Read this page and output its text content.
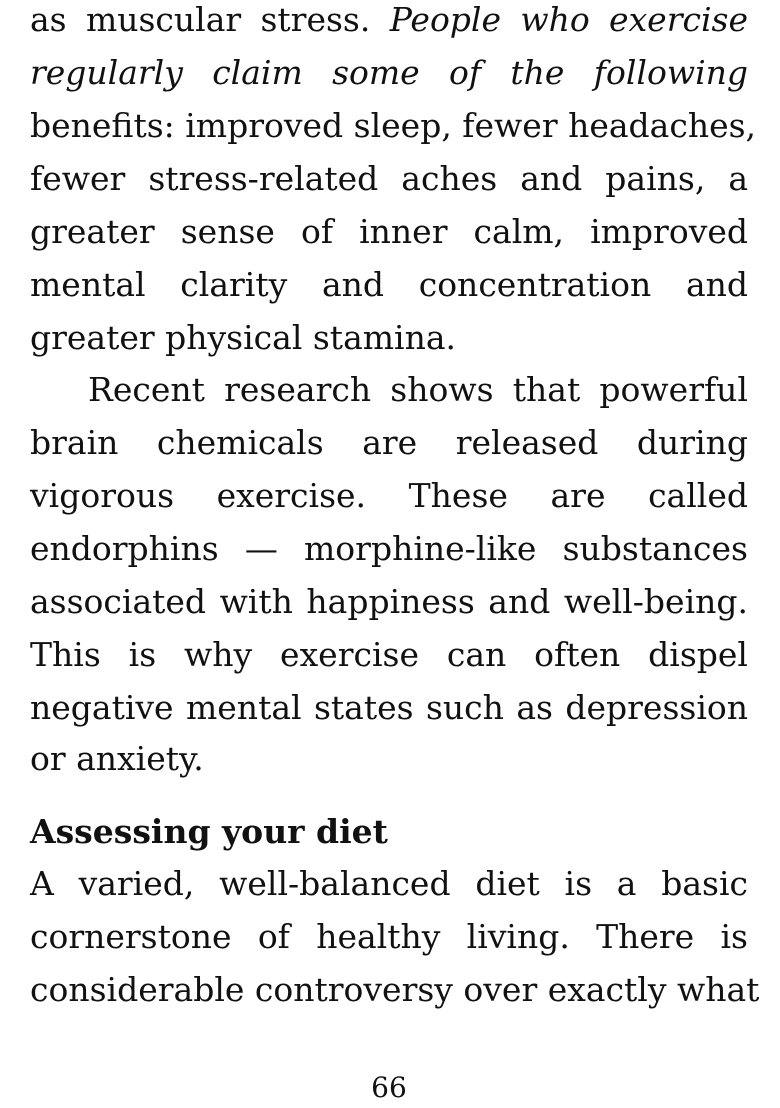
as muscular stress. People who exercise
regularly claim some of the following
benefits: improved sleep, fewer headaches,
fewer stress-related aches and pains, a
greater sense of inner calm, improved
mental clarity and concentration and
greater physical stamina.
Recent research shows that powerful
brain chemicals are released during
vigorous exercise. These are called
endorphins — morphine-like substances
associated with happiness and well-being.
This is why exercise can often dispel
negative mental states such as depression
or anxiety.
A varied, well-balanced diet is a basic
cornerstone of healthy living. There is
considerable controversy over exactly what
Assessing your diet
66
